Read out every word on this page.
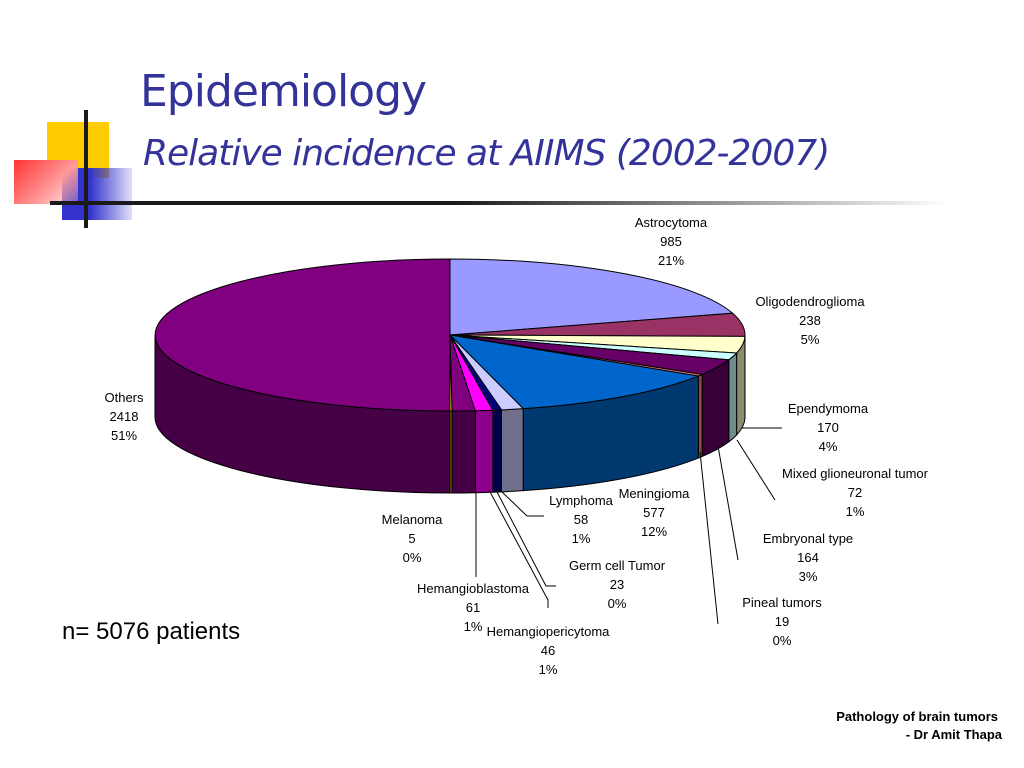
Epidemiology
Relative incidence at AIIMS (2002-2007)
Astrocytoma
985
21%
Oligodendroglioma
238
5%
Ependymoma
170
4%
Mixed glioneuronal tumor
72
1%
Embryonal type
164
3%
Pineal tumors
19
0%
Meningioma
577
12%
Lymphoma
58
1%
Germ cell Tumor
23
0%
Hemangiopericytoma
46
1%
Hemangioblastoma
61
1%
Melanoma
5
0%
Others
2418
51%
n= 5076 patients
Pathology of brain tumors
- Dr Amit Thapa
